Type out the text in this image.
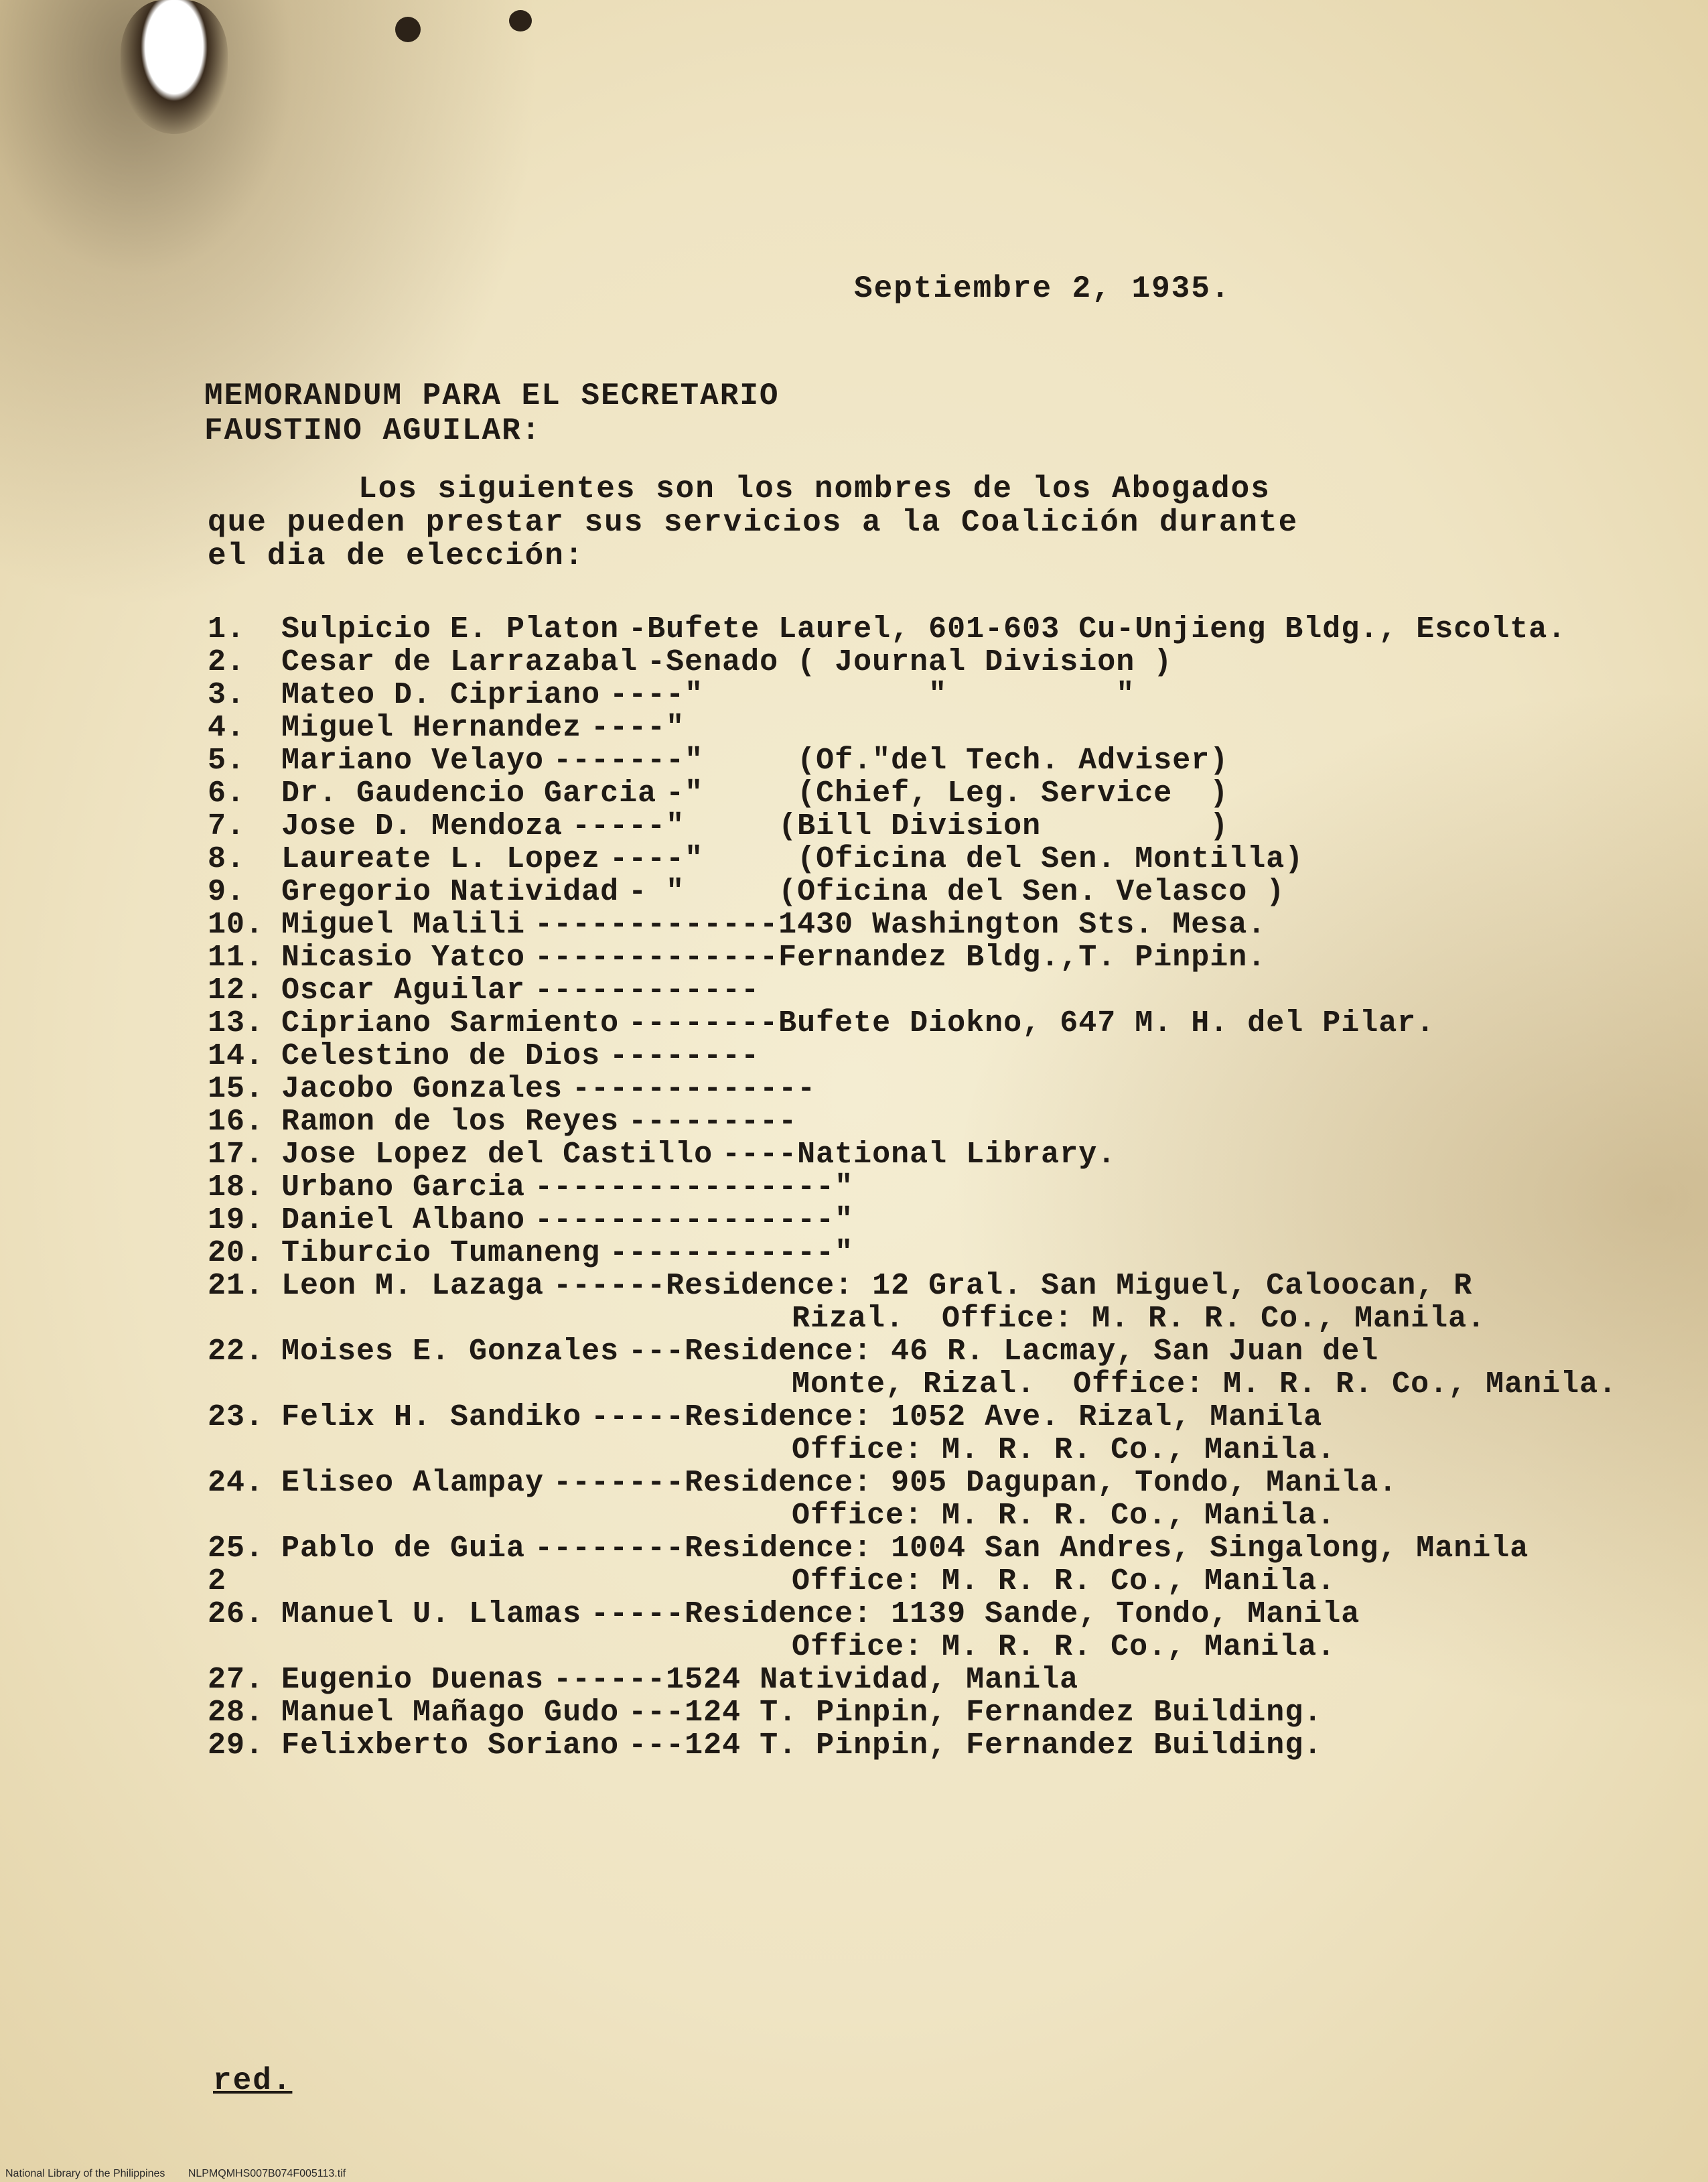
Septiembre 2, 1935.
MEMORANDUM PARA EL SECRETARIO
FAUSTINO AGUILAR:
Los siguientes son los nombres de los Abogados
que pueden prestar sus servicios a la Coalición durante
el dia de elección:
1.	Sulpicio E. Platon -Bufete Laurel, 601-603 Cu-Unjieng Bldg., Escolta.
2.	Cesar de Larrazabal -Senado ( Journal Division )
3.	Mateo D. Cipriano ----"            "         "
4.	Miguel Hernandez ----"
5.	Mariano Velayo -------"     (Of."del Tech. Adviser)
6.	Dr. Gaudencio Garcia -"     (Chief, Leg. Service  )
7.	Jose D. Mendoza -----"     (Bill Division         )
8.	Laureate L. Lopez ----"     (Oficina del Sen. Montilla)
9.	Gregorio Natividad - "     (Oficina del Sen. Velasco )
10. Miguel Malili -------------1430 Washington Sts. Mesa.
11. Nicasio Yatco -------------Fernandez Bldg.,T. Pinpin.
12. Oscar Aguilar ------------
13. Cipriano Sarmiento --------Bufete Diokno, 647 M. H. del Pilar.
14. Celestino de Dios --------
15. Jacobo Gonzales -------------
16. Ramon de los Reyes ---------
17. Jose Lopez del Castillo ----National Library.
18. Urbano Garcia ----------------"
19. Daniel Albano ----------------"
20. Tiburcio Tumaneng ------------"
21. Leon M. Lazaga ------Residence: 12 Gral. San Miguel, Caloocan, R
Rizal.  Office: M. R. R. Co., Manila.
22. Moises E. Gonzales ---Residence: 46 R. Lacmay, San Juan del
Monte, Rizal.  Office: M. R. R. Co., Manila.
23. Felix H. Sandiko -----Residence: 1052 Ave. Rizal, Manila
Office: M. R. R. Co., Manila.
24. Eliseo Alampay -------Residence: 905 Dagupan, Tondo, Manila.
Office: M. R. R. Co., Manila.
25. Pablo de Guia --------Residence: 1004 San Andres, Singalong, Manila
2	Office: M. R. R. Co., Manila.
26. Manuel U. Llamas -----Residence: 1139 Sande, Tondo, Manila
Office: M. R. R. Co., Manila.
27. Eugenio Duenas ------1524 Natividad, Manila
28. Manuel Mañago Gudo ---124 T. Pinpin, Fernandez Building.
29. Felixberto Soriano ---124 T. Pinpin, Fernandez Building.
red.
National Library of the Philippines NLPMQMHS007B074F005113.tif
